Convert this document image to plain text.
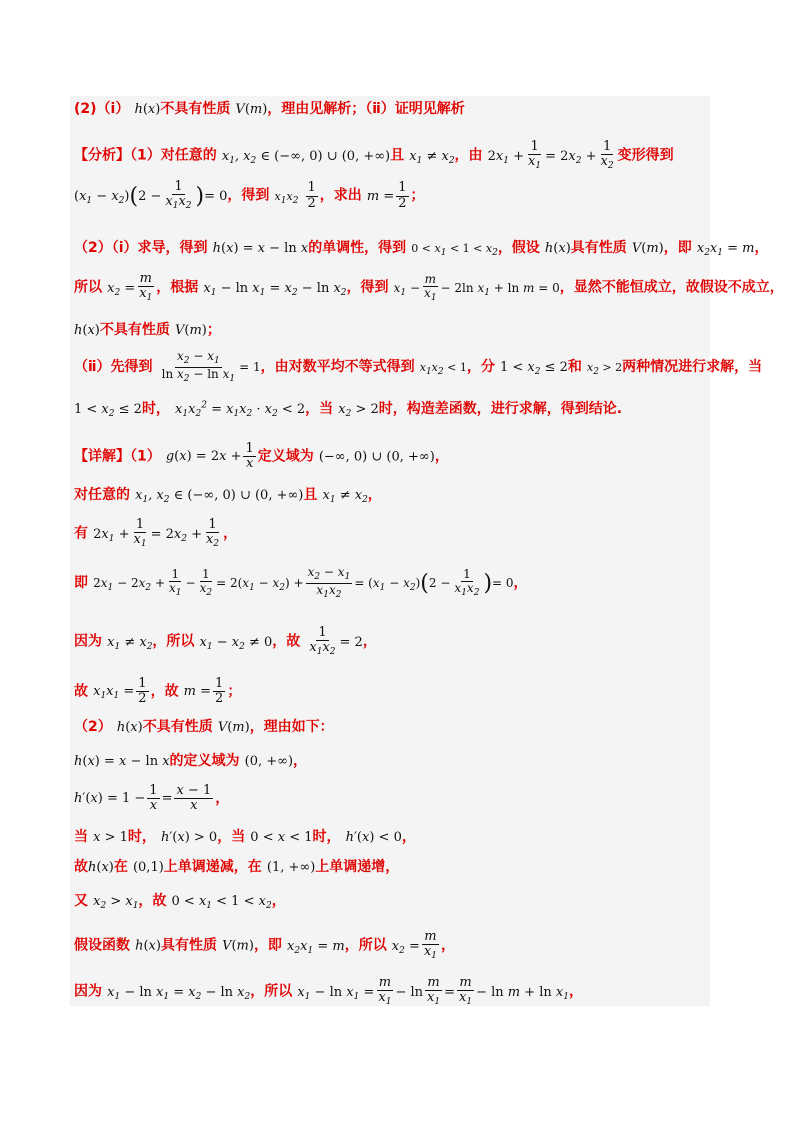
(2)（ⅰ） h(x)不具有性质 V(m)，理由见解析；（ⅱ）证明见解析
【分析】（1）对任意的 $x_1$, $x_2$ ∈ (−∞, 0) ∪ (0, +∞)且 $x_1 \ne x_2$，由 $2x_1 + \frac{1}{x_1} = 2x_2 + \frac{1}{x_2}$ 变形得到
$(x_1 - x_2)(2 - \frac{1}{x_1x_2}$ )= 0，得到 $x_1x_2 \frac{1}{2}$ ，求出 $m = \frac{1}{2}$ ；
（2）（ⅰ）求导，得到 h(x) = x − ln x的单调性，得到 $0 < x_1 < 1 < x_2$，假设 h(x)具有性质 V(m)，即 $x_2x_1 = m$，
所以 $x_2 = \frac{m}{x_1}$ ，根据 $x_1 - \ln x_1 = x_2 - \ln x_2$，得到 $x_1 - \frac{m}{x_1} - 2\ln$ $x_1 + \ln m = 0$，显然不能恒成立，故假设不成立，
h(x)不具有性质 V(m)；
（ⅱ）先得到 $\frac{x_2 - x_1}{\ln x_2 - \ln x_1} = 1$，由对数平均不等式得到 $x_1x_2 < 1$，分 $1 < x_2 \le 2$和 $x_2 > 2$两种情况进行求解，当
$1 < x_2 \le 2$时， $x_1x_2^2 = x_1x_2 \cdot x_2 < 2$，当 $x_2 > 2$时，构造差函数，进行求解，得到结论.
【详解】（1） $g(x) = 2x + \frac{1}{x}$ 定义域为 (−∞, 0) ∪ (0, +∞)，
对任意的 $x_1$, $x_2$ ∈ (−∞, 0) ∪ (0, +∞)且 $x_1 \ne x_2$，
有 $2x_1 + \frac{1}{x_1} = 2x_2 + \frac{1}{x_2}$ ，
即 $2x_1 - 2x_2 + \frac{1}{x_1} - \frac{1}{x_2} = 2(x_1 - x_2) + \frac{x_2 - x_1}{x_1x_2} = (x_1 - x_2)(2 - \frac{1}{x_1x_2}$ )= 0，
因为 $x_1 \ne x_2$，所以 $x_1 - x_2 \ne 0$，故 $\frac{1}{x_1x_2} = 2$，
故 $x_1x_1 = \frac{1}{2}$ ，故 $m = \frac{1}{2}$ ；
（2） h(x)不具有性质 V(m)，理由如下：
h(x) = x − ln x的定义域为 (0, +∞)，
$h'(x) = 1 - \frac{1}{x} = \frac{x - 1}{x}$ ，
当 x > 1时， h′(x) > 0，当 0 < x < 1时， h′(x) < 0，
故h(x)在 (0,1)上单调递减，在 (1, +∞)上单调递增，
又 $x_2 > x_1$，故 $0 < x_1 < 1 < x_2$，
假设函数 h(x)具有性质 V(m)，即 $x_2x_1 = m$，所以 $x_2 = \frac{m}{x_1}$ ，
因为 $x_1 - \ln x_1 = x_2 - \ln x_2$，所以 $x_1 - \ln x_1 = \frac{m}{x_1} - \ln \frac{m}{x_1} = \frac{m}{x_1} - \ln m + \ln x_1$，
